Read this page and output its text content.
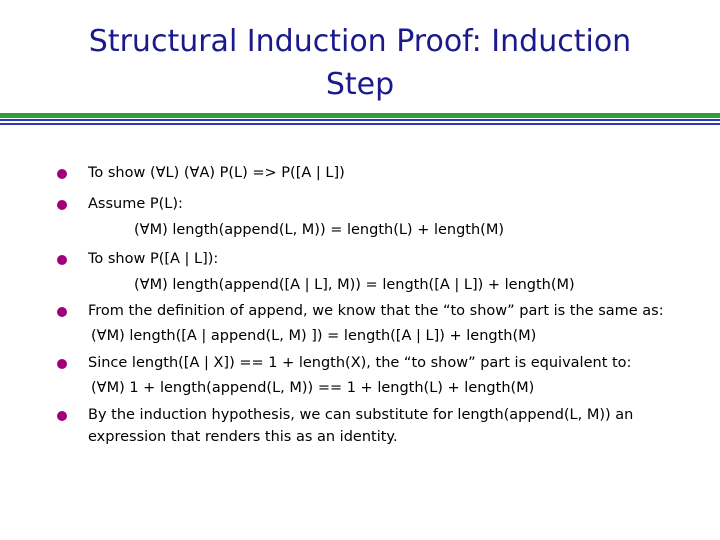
Structural Induction Proof: Induction
Step
To show (∀L) (∀A) P(L) => P([A | L])
Assume P(L):
(∀M) length(append(L, M)) = length(L) + length(M)
To show P([A | L]):
(∀M) length(append([A | L], M)) = length([A | L]) + length(M)
From the definition of append, we know that the “to show” part is the same as:
(∀M) length([A | append(L, M) ]) = length([A | L]) + length(M)
Since length([A | X]) == 1 + length(X), the “to show” part is equivalent to:
(∀M) 1 + length(append(L, M)) == 1 + length(L) + length(M)
By the induction hypothesis, we can substitute for length(append(L, M)) an
expression that renders this as an identity.
